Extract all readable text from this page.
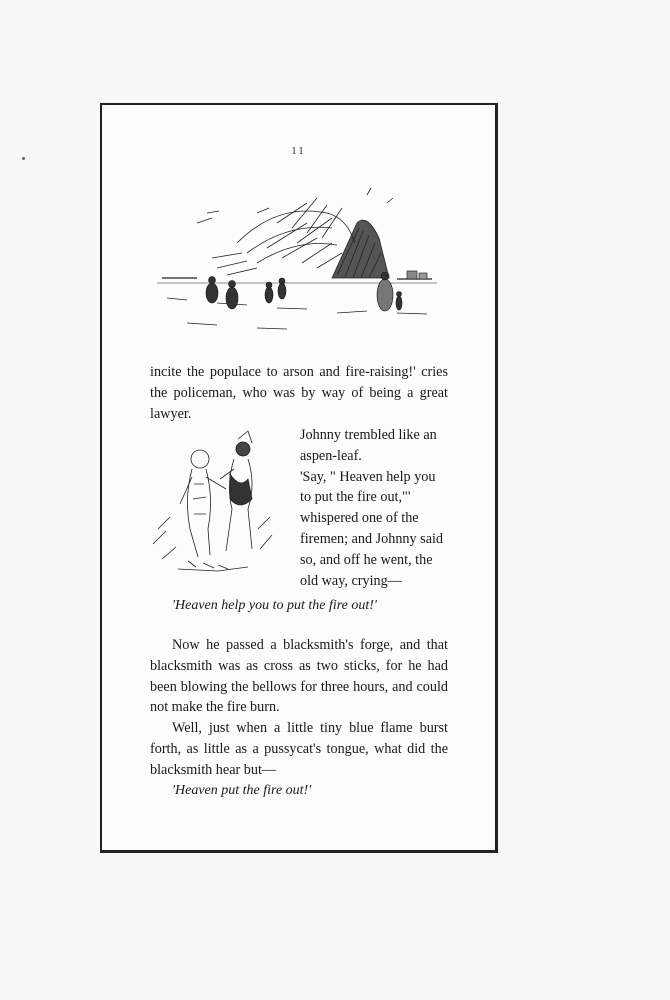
11
incite the populace to arson and fire-raising!' cries the policeman, who was by way of being a great lawyer.

Johnny trembled like an aspen-leaf.

'Say, " Heaven help you to put the fire out,"' whispered one of the firemen; and Johnny said so, and off he went, the old way, crying—

'Heaven help you to put the fire out!'

Now he passed a blacksmith's forge, and that blacksmith was as cross as two sticks, for he had been blowing the bellows for three hours, and could not make the fire burn.

Well, just when a little tiny blue flame burst forth, as little as a pussycat's tongue, what did the blacksmith hear but—

'Heaven put the fire out!'
